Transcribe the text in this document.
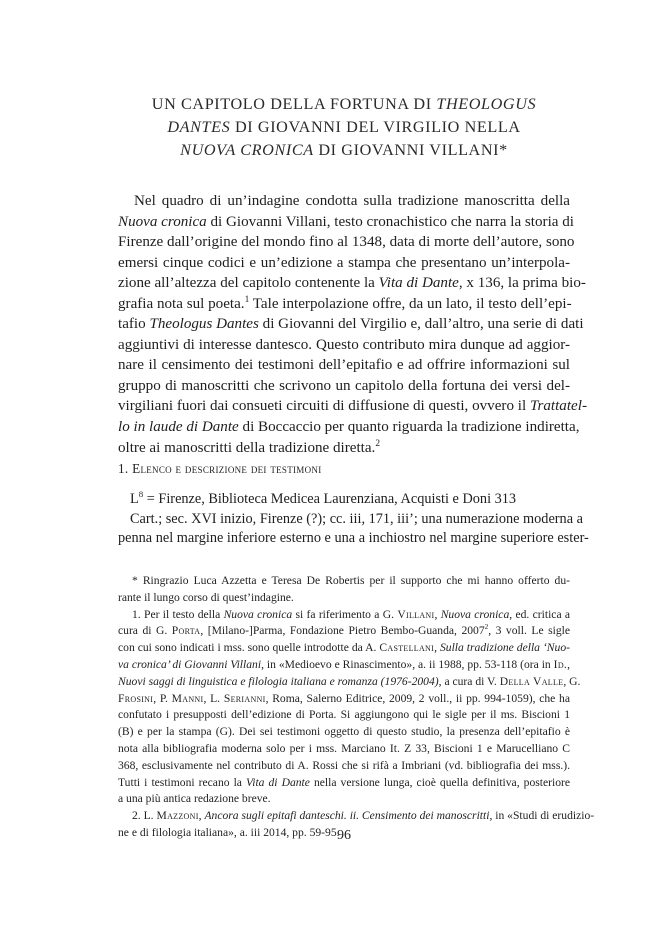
UN CAPITOLO DELLA FORTUNA DI THEOLOGUS
DANTES DI GIOVANNI DEL VIRGILIO NELLA
NUOVA CRONICA DI GIOVANNI VILLANI*
Nel quadro di un’indagine condotta sulla tradizione manoscritta della
Nuova cronica di Giovanni Villani, testo cronachistico che narra la storia di
Firenze dall’origine del mondo fino al 1348, data di morte dell’autore, sono
emersi cinque codici e un’edizione a stampa che presentano un’interpola-
zione all’altezza del capitolo contenente la Vita di Dante, x 136, la prima bio-
grafia nota sul poeta.$^1$ Tale interpolazione offre, da un lato, il testo dell’epi-
tafio Theologus Dantes di Giovanni del Virgilio e, dall’altro, una serie di dati
aggiuntivi di interesse dantesco. Questo contributo mira dunque ad aggior-
nare il censimento dei testimoni dell’epitafio e ad offrire informazioni sul
gruppo di manoscritti che scrivono un capitolo della fortuna dei versi del-
virgiliani fuori dai consueti circuiti di diffusione di questi, ovvero il Trattatel-
lo in laude di Dante di Boccaccio per quanto riguarda la tradizione indiretta,
oltre ai manoscritti della tradizione diretta.$^2$
1. Elenco e descrizione dei testimoni
$L^8$ = Firenze, Biblioteca Medicea Laurenziana, Acquisti e Doni 313
Cart.; sec. XVI inizio, Firenze (?); cc. iii, 171, iii’; una numerazione moderna a
penna nel margine inferiore esterno e una a inchiostro nel margine superiore ester-
* Ringrazio Luca Azzetta e Teresa De Robertis per il supporto che mi hanno offerto du-
rante il lungo corso di quest’indagine.
1. Per il testo della Nuova cronica si fa riferimento a G. Villani, Nuova cronica, ed. critica a
cura di G. Porta, [Milano-]Parma, Fondazione Pietro Bembo-Guanda, 2007$^2$, 3 voll. Le sigle
con cui sono indicati i mss. sono quelle introdotte da A. Castellani, Sulla tradizione della ‘Nuo-
va cronica’ di Giovanni Villani, in «Medioevo e Rinascimento», a. ii 1988, pp. 53-118 (ora in Id.,
Nuovi saggi di linguistica e filologia italiana e romanza (1976-2004), a cura di V. Della Valle, G.
Frosini, P. Manni, L. Serianni, Roma, Salerno Editrice, 2009, 2 voll., ii pp. 994-1059), che ha
confutato i presupposti dell’edizione di Porta. Si aggiungono qui le sigle per il ms. Biscioni 1
(B) e per la stampa (G). Dei sei testimoni oggetto di questo studio, la presenza dell’epitafio è
nota alla bibliografia moderna solo per i mss. Marciano It. Z 33, Biscioni 1 e Marucelliano C
368, esclusivamente nel contributo di A. Rossi che si rifà a Imbriani (vd. bibliografia dei mss.).
Tutti i testimoni recano la Vita di Dante nella versione lunga, cioè quella definitiva, posteriore
a una più antica redazione breve.
2. L. Mazzoni, Ancora sugli epitafi danteschi. ii. Censimento dei manoscritti, in «Studi di erudizio-
ne e di filologia italiana», a. iii 2014, pp. 59-95.
96
